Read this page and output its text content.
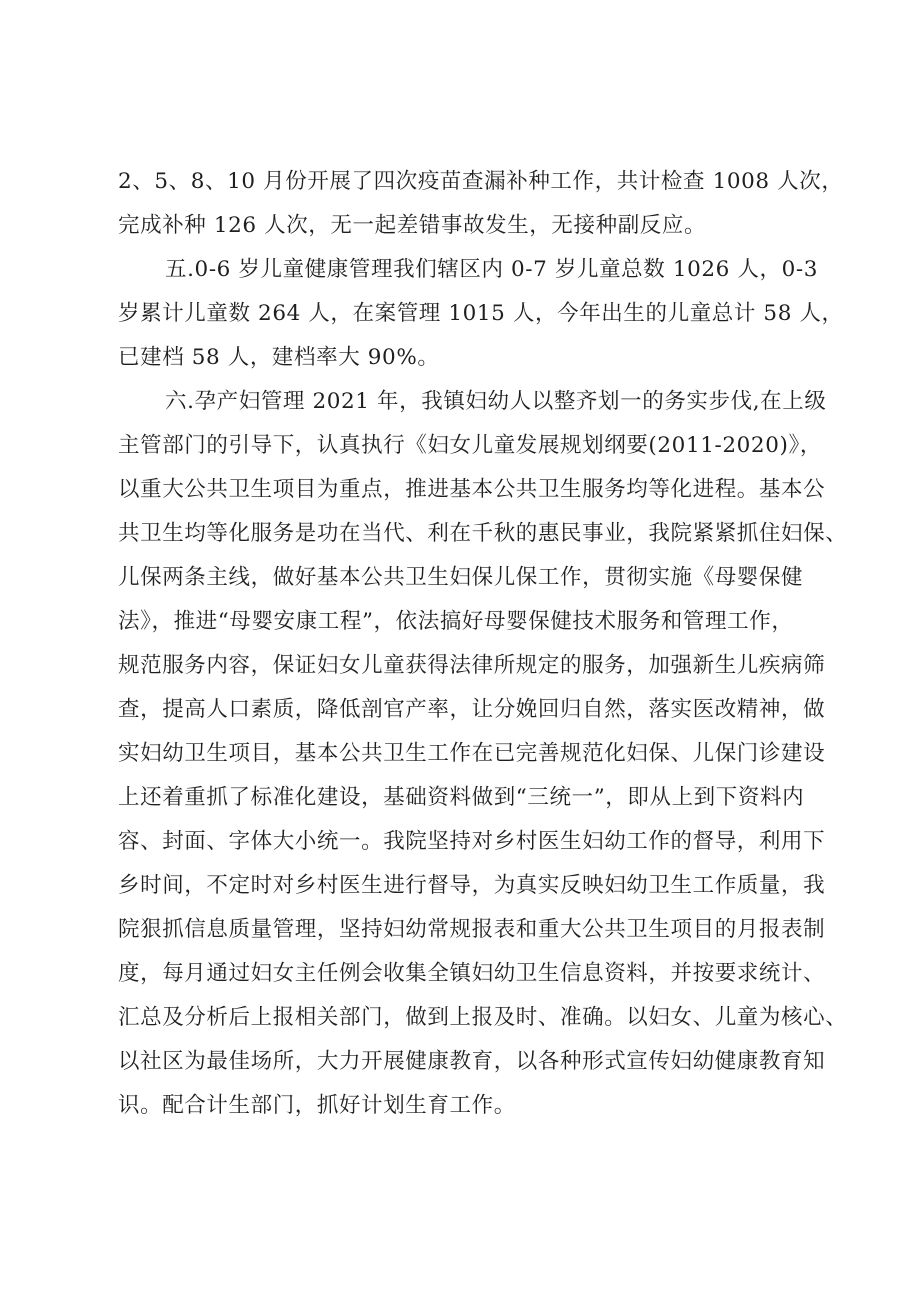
2、5、8、10 月份开展了四次疫苗查漏补种工作，共计检查 1008 人次，
完成补种 126 人次，无一起差错事故发生，无接种副反应。
五.0-6 岁儿童健康管理我们辖区内 0-7 岁儿童总数 1026 人，0-3
岁累计儿童数 264 人，在案管理 1015 人，今年出生的儿童总计 58 人，
已建档 58 人，建档率大 90%。
六.孕产妇管理 2021 年，我镇妇幼人以整齐划一的务实步伐,在上级
主管部门的引导下，认真执行《妇女儿童发展规划纲要(2011-2020)》，
以重大公共卫生项目为重点，推进基本公共卫生服务均等化进程。基本公
共卫生均等化服务是功在当代、利在千秋的惠民事业，我院紧紧抓住妇保、
儿保两条主线，做好基本公共卫生妇保儿保工作，贯彻实施《母婴保健
法》，推进“母婴安康工程”，依法搞好母婴保健技术服务和管理工作，
规范服务内容，保证妇女儿童获得法律所规定的服务，加强新生儿疾病筛
查，提高人口素质，降低剖官产率，让分娩回归自然，落实医改精神，做
实妇幼卫生项目，基本公共卫生工作在已完善规范化妇保、儿保门诊建设
上还着重抓了标准化建设，基础资料做到“三统一”，即从上到下资料内
容、封面、字体大小统一。我院坚持对乡村医生妇幼工作的督导，利用下
乡时间，不定时对乡村医生进行督导，为真实反映妇幼卫生工作质量，我
院狠抓信息质量管理，坚持妇幼常规报表和重大公共卫生项目的月报表制
度，每月通过妇女主任例会收集全镇妇幼卫生信息资料，并按要求统计、
汇总及分析后上报相关部门，做到上报及时、准确。以妇女、儿童为核心、
以社区为最佳场所，大力开展健康教育，以各种形式宣传妇幼健康教育知
识。配合计生部门，抓好计划生育工作。
